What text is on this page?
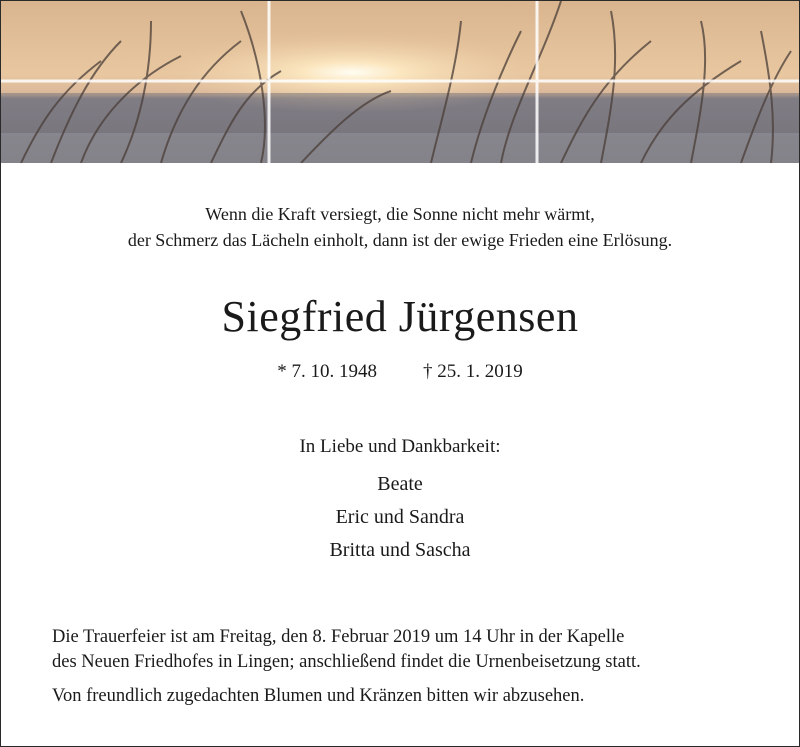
Wenn die Kraft versiegt, die Sonne nicht mehr wärmt,
der Schmerz das Lächeln einholt, dann ist der ewige Frieden eine Erlösung.
Siegfried Jürgensen
* 7. 10. 1948 † 25. 1. 2019
In Liebe und Dankbarkeit:
Beate
Eric und Sandra
Britta und Sascha
Die Trauerfeier ist am Freitag, den 8. Februar 2019 um 14 Uhr in der Kapelle
des Neuen Friedhofes in Lingen; anschließend findet die Urnenbeisetzung statt.
Von freundlich zugedachten Blumen und Kränzen bitten wir abzusehen.
